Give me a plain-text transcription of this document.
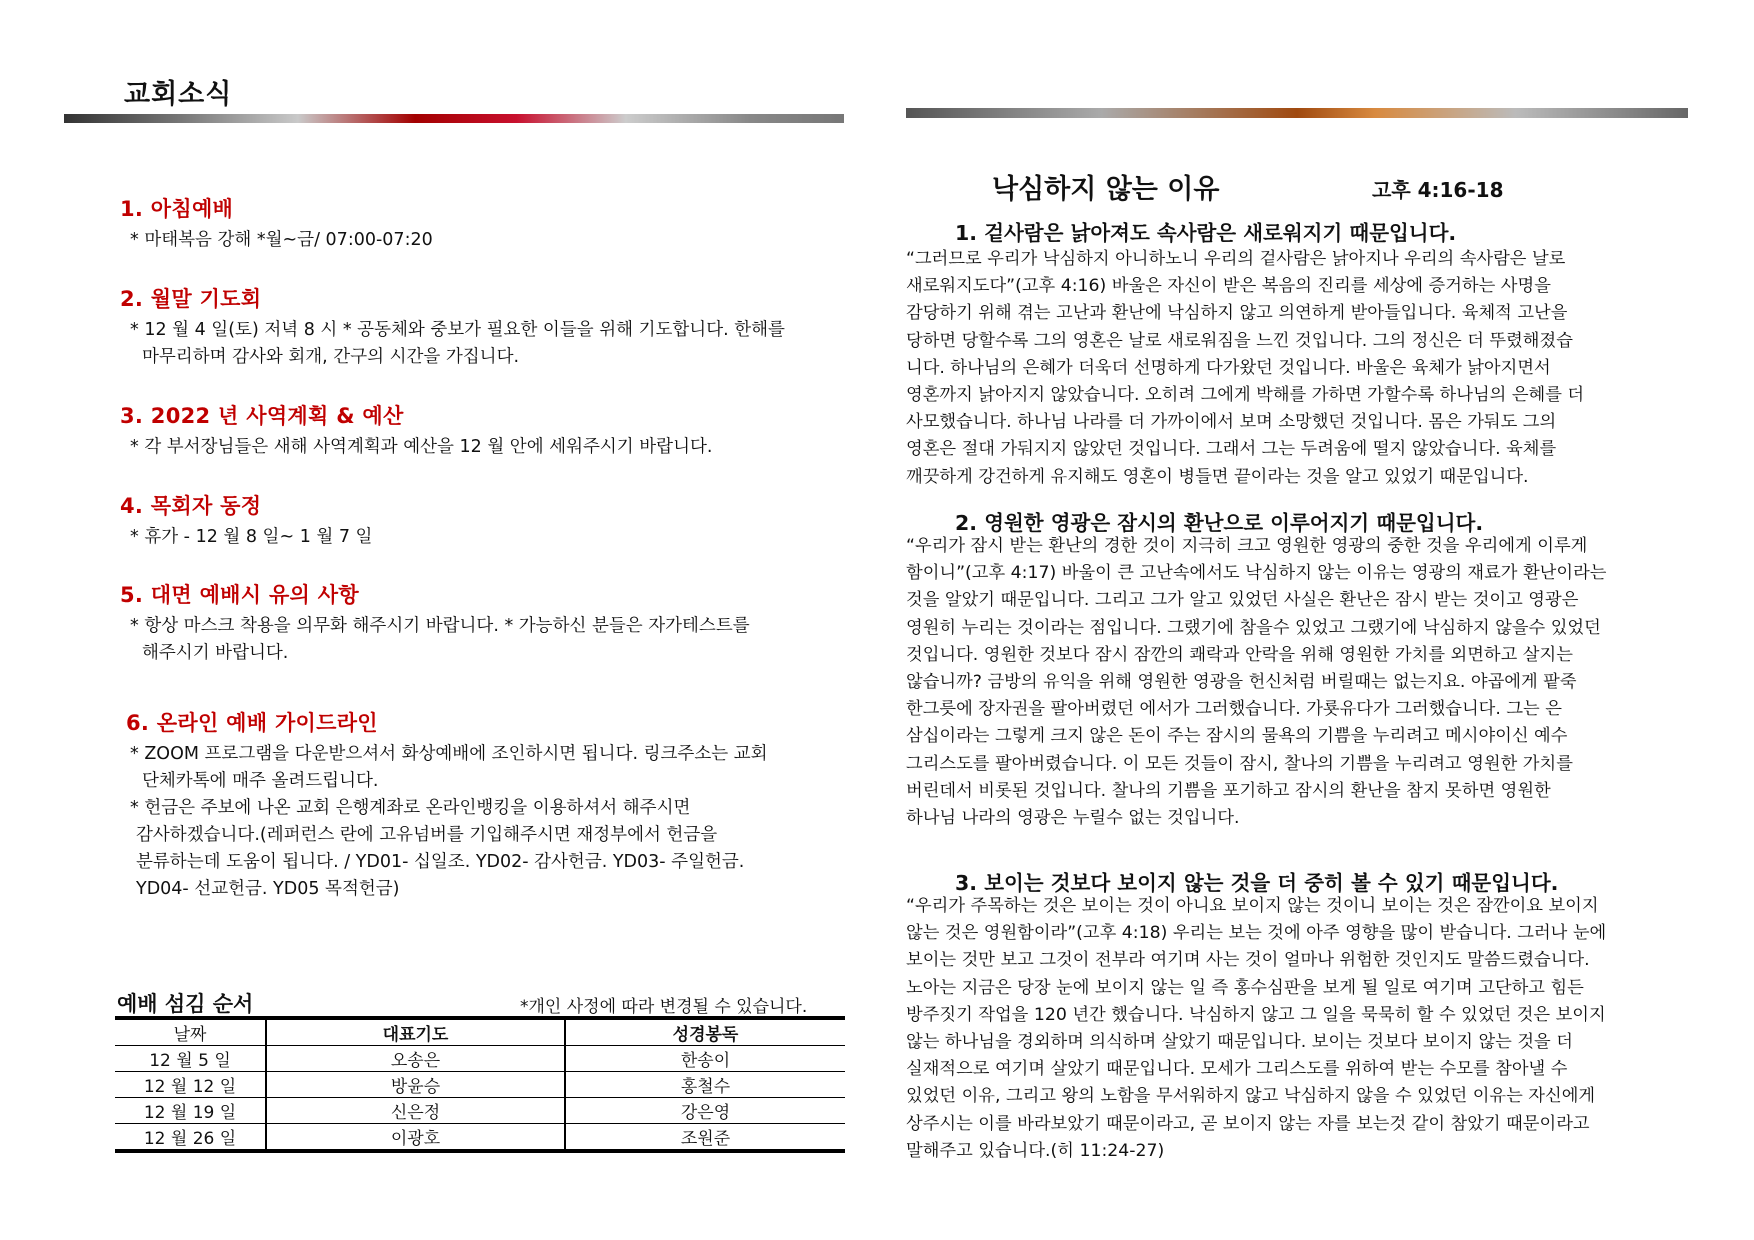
교회소식
1. 아침예배
* 마태복음 강해 *월~금/ 07:00-07:20
2. 월말 기도회
* 12 월 4 일(토) 저녁 8 시 * 공동체와 중보가 필요한 이들을 위해 기도합니다. 한해를
마무리하며 감사와 회개, 간구의 시간을 가집니다.
3. 2022 년 사역계획 & 예산
* 각 부서장님들은 새해 사역계획과 예산을 12 월 안에 세워주시기 바랍니다.
4. 목회자 동정
* 휴가 - 12 월 8 일~ 1 월 7 일
5. 대면 예배시 유의 사항
* 항상 마스크 착용을 의무화 해주시기 바랍니다. * 가능하신 분들은 자가테스트를
해주시기 바랍니다.
6. 온라인 예배 가이드라인
* ZOOM 프로그램을 다운받으셔서 화상예배에 조인하시면 됩니다. 링크주소는 교회
단체카톡에 매주 올려드립니다.
* 헌금은 주보에 나온 교회 은행계좌로 온라인뱅킹을 이용하셔서 해주시면
감사하겠습니다.(레퍼런스 란에 고유넘버를 기입해주시면 재정부에서 헌금을
분류하는데 도움이 됩니다. / YD01- 십일조. YD02- 감사헌금. YD03- 주일헌금.
YD04- 선교헌금. YD05 목적헌금)
예배 섬김 순서	*개인 사정에 따라 변경될 수 있습니다.
날짜	대표기도	성경봉독
12 월 5 일	오송은	한송이
12 월 12 일	방윤승	홍철수
12 월 19 일	신은정	강은영
12 월 26 일	이광호	조원준
낙심하지 않는 이유	고후 4:16-18
1. 겉사람은 낡아져도 속사람은 새로워지기 때문입니다.
“그러므로 우리가 낙심하지 아니하노니 우리의 겉사람은 낡아지나 우리의 속사람은 날로
새로워지도다”(고후 4:16) 바울은 자신이 받은 복음의 진리를 세상에 증거하는 사명을
감당하기 위해 겪는 고난과 환난에 낙심하지 않고 의연하게 받아들입니다. 육체적 고난을
당하면 당할수록 그의 영혼은 날로 새로워짐을 느낀 것입니다. 그의 정신은 더 뚜렸해졌습
니다. 하나님의 은혜가 더욱더 선명하게 다가왔던 것입니다. 바울은 육체가 낡아지면서
영혼까지 낡아지지 않았습니다. 오히려 그에게 박해를 가하면 가할수록 하나님의 은혜를 더
사모했습니다. 하나님 나라를 더 가까이에서 보며 소망했던 것입니다. 몸은 가둬도 그의
영혼은 절대 가둬지지 않았던 것입니다. 그래서 그는 두려움에 떨지 않았습니다. 육체를
깨끗하게 강건하게 유지해도 영혼이 병들면 끝이라는 것을 알고 있었기 때문입니다.
2. 영원한 영광은 잠시의 환난으로 이루어지기 때문입니다.
“우리가 잠시 받는 환난의 경한 것이 지극히 크고 영원한 영광의 중한 것을 우리에게 이루게
함이니”(고후 4:17) 바울이 큰 고난속에서도 낙심하지 않는 이유는 영광의 재료가 환난이라는
것을 알았기 때문입니다. 그리고 그가 알고 있었던 사실은 환난은 잠시 받는 것이고 영광은
영원히 누리는 것이라는 점입니다. 그랬기에 참을수 있었고 그랬기에 낙심하지 않을수 있었던
것입니다. 영원한 것보다 잠시 잠깐의 쾌락과 안락을 위해 영원한 가치를 외면하고 살지는
않습니까? 금방의 유익을 위해 영원한 영광을 헌신처럼 버릴때는 없는지요. 야곱에게 팥죽
한그릇에 장자권을 팔아버렸던 에서가 그러했습니다. 가룟유다가 그러했습니다. 그는 은
삼십이라는 그렇게 크지 않은 돈이 주는 잠시의 물욕의 기쁨을 누리려고 메시야이신 예수
그리스도를 팔아버렸습니다. 이 모든 것들이 잠시, 찰나의 기쁨을 누리려고 영원한 가치를
버린데서 비롯된 것입니다. 찰나의 기쁨을 포기하고 잠시의 환난을 참지 못하면 영원한
하나님 나라의 영광은 누릴수 없는 것입니다.
3. 보이는 것보다 보이지 않는 것을 더 중히 볼 수 있기 때문입니다.
“우리가 주목하는 것은 보이는 것이 아니요 보이지 않는 것이니 보이는 것은 잠깐이요 보이지
않는 것은 영원함이라”(고후 4:18) 우리는 보는 것에 아주 영향을 많이 받습니다. 그러나 눈에
보이는 것만 보고 그것이 전부라 여기며 사는 것이 얼마나 위험한 것인지도 말씀드렸습니다.
노아는 지금은 당장 눈에 보이지 않는 일 즉 홍수심판을 보게 될 일로 여기며 고단하고 힘든
방주짓기 작업을 120 년간 했습니다. 낙심하지 않고 그 일을 묵묵히 할 수 있었던 것은 보이지
않는 하나님을 경외하며 의식하며 살았기 때문입니다. 보이는 것보다 보이지 않는 것을 더
실재적으로 여기며 살았기 때문입니다. 모세가 그리스도를 위하여 받는 수모를 참아낼 수
있었던 이유, 그리고 왕의 노함을 무서워하지 않고 낙심하지 않을 수 있었던 이유는 자신에게
상주시는 이를 바라보았기 때문이라고, 곧 보이지 않는 자를 보는것 같이 참았기 때문이라고
말해주고 있습니다.(히 11:24-27)
